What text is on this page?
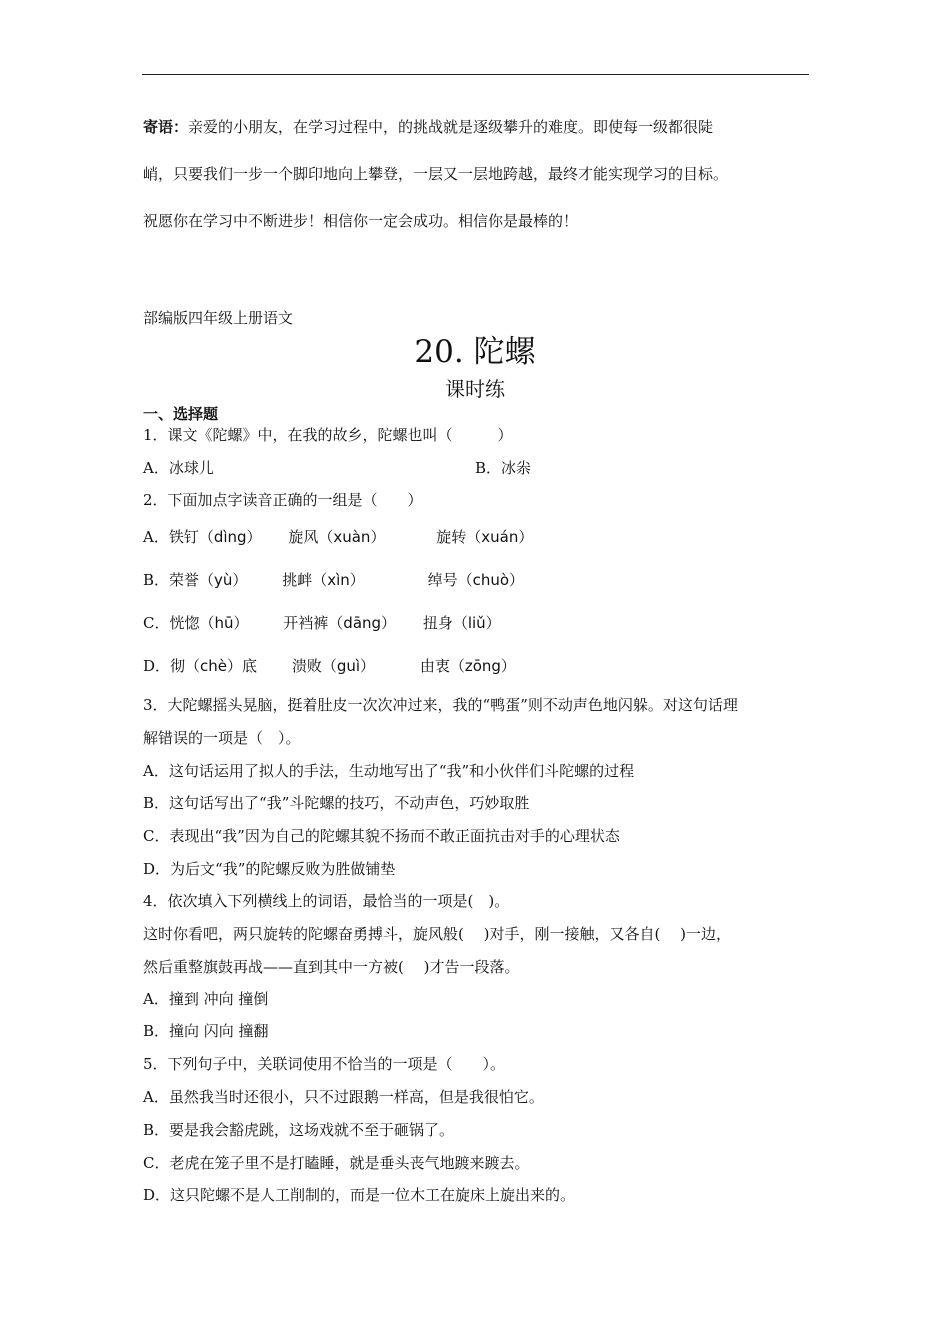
寄语：亲爱的小朋友，在学习过程中，的挑战就是逐级攀升的难度。即使每一级都很陡
峭，只要我们一步一个脚印地向上攀登，一层又一层地跨越，最终才能实现学习的目标。
祝愿你在学习中不断进步！相信你一定会成功。相信你是最棒的！
部编版四年级上册语文
20. 陀螺
课时练
一、选择题
1．课文《陀螺》中，在我的故乡，陀螺也叫（　　　）
A．冰球儿	B．冰尜
2．下面加点字读音正确的一组是（　　）
A．铁钉（dìng） 旋风（xuàn）	旋转（xuán）
B．荣誉（yù） 挑衅（xìn）	绰号（chuò）
C．恍惚（hū） 开裆裤（dāng） 扭身（liǔ）
D．彻（chè）底 溃败（guì）	由衷（zōng）
3．大陀螺摇头晃脑，挺着肚皮一次次冲过来，我的“鸭蛋”则不动声色地闪躲。对这句话理
解错误的一项是（　）。
A．这句话运用了拟人的手法，生动地写出了“我”和小伙伴们斗陀螺的过程
B．这句话写出了“我”斗陀螺的技巧，不动声色，巧妙取胜
C．表现出“我”因为自己的陀螺其貌不扬而不敢正面抗击对手的心理状态
D．为后文“我”的陀螺反败为胜做铺垫
4．依次填入下列横线上的词语，最恰当的一项是(　)。
这时你看吧，两只旋转的陀螺奋勇搏斗，旋风般(　 )对手，刚一接触，又各自(　 )一边，
然后重整旗鼓再战——直到其中一方被(　 )才告一段落。
A．撞到 冲向 撞倒
B．撞向 闪向 撞翻
5．下列句子中，关联词使用不恰当的一项是（　　）。
A．虽然我当时还很小，只不过跟鹅一样高，但是我很怕它。
B．要是我会豁虎跳，这场戏就不至于砸锅了。
C．老虎在笼子里不是打瞌睡，就是垂头丧气地踱来踱去。
D．这只陀螺不是人工削制的，而是一位木工在旋床上旋出来的。
